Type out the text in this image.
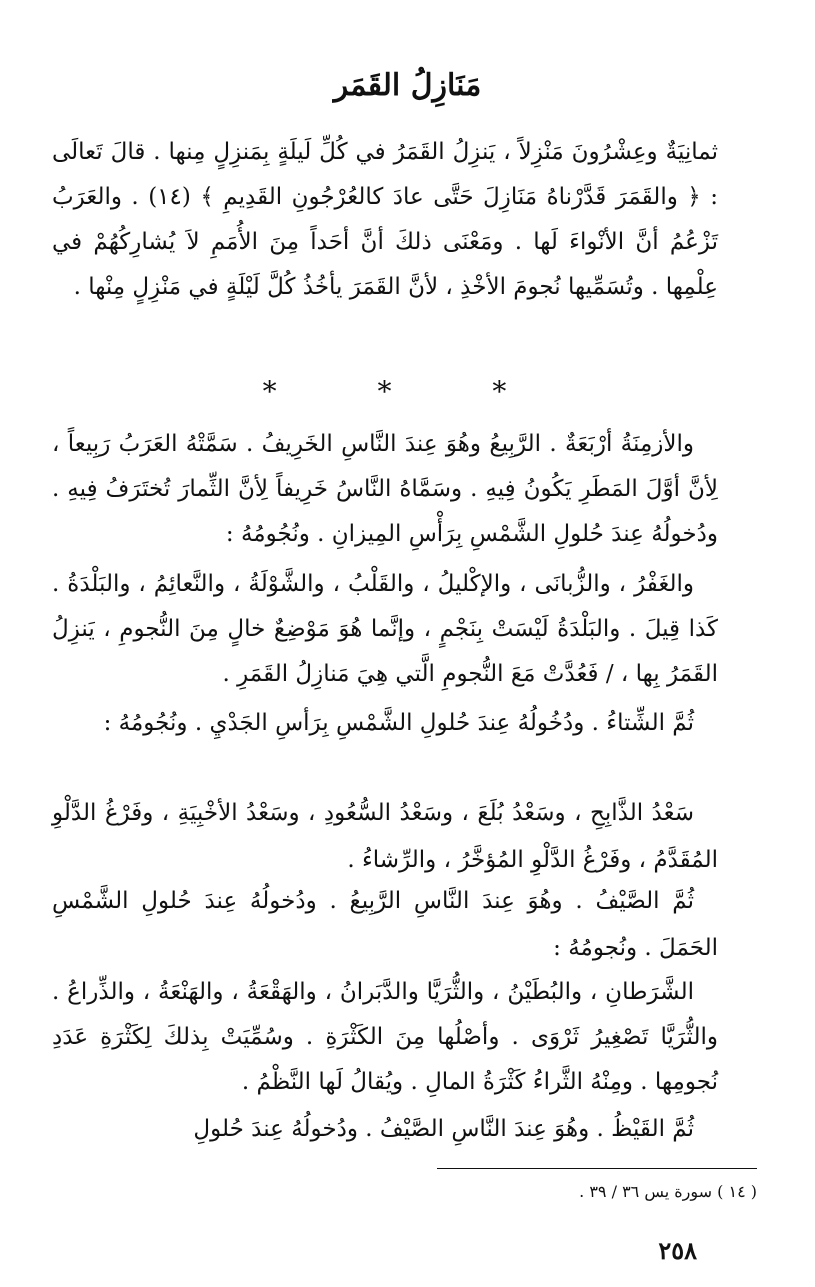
مَنَازِلُ القَمَر

ثمانِيَةٌ وعِشْرُونَ مَنْزِلاً ، يَنزِلُ القَمَرُ في كُلِّ لَيلَةٍ بِمَنزِلٍ مِنها . قالَ تَعالَى : ﴿ والقَمَرَ قَدَّرْناهُ مَنَازِلَ حَتَّى عادَ كالعُرْجُونِ القَدِيمِ ﴾ (١٤) . والعَرَبُ تَزْعُمُ أنَّ الأنْواءَ لَها . ومَعْنَى ذلكَ أنَّ أحَداً مِنَ الأُمَمِ لاَ يُشارِكُهُمْ في عِلْمِها . وتُسَمِّيها نُجومَ الأخْذِ ، لأنَّ القَمَرَ يأخُذُ كُلَّ لَيْلَةٍ في مَنْزِلٍ مِنْها .

* * *

والأزمِنَةُ أرْبَعَةٌ . الرَّبِيعُ وهُوَ عِندَ النَّاسِ الخَرِيفُ . سَمَّتْهُ العَرَبُ رَبِيعاً ، لِأنَّ أوَّلَ المَطَرِ يَكُونُ فِيهِ . وسَمَّاهُ النَّاسُ خَرِيفاً لِأنَّ الثِّمارَ تُختَرَفُ فِيهِ . ودُخولُهُ عِندَ حُلولِ الشَّمْسِ بِرَأْسِ المِيزانِ . ونُجُومُهُ :

والغَفْرُ ، والزُّبانَى ، والإكْليلُ ، والقَلْبُ ، والشَّوْلَةُ ، والنَّعائِمُ ، والبَلْدَةُ . كَذا قِيلَ . والبَلْدَةُ لَيْسَتْ بِنَجْمٍ ، وإنَّما هُوَ مَوْضِعٌ خالٍ مِنَ النُّجومِ ، يَنزِلُ القَمَرُ بِها ، / فَعُدَّتْ مَعَ النُّجومِ الَّتي هِيَ مَنازِلُ القَمَرِ .

ثُمَّ الشِّتاءُ . ودُخُولُهُ عِندَ حُلولِ الشَّمْسِ بِرَأسِ الجَدْيِ . ونُجُومُهُ :

سَعْدُ الذَّابِحِ ، وسَعْدُ بُلَعَ ، وسَعْدُ السُّعُودِ ، وسَعْدُ الأخْبِيَةِ ، وفَرْغُ الدَّلْوِ المُقَدَّمُ ، وفَرْغُ الدَّلْوِ المُؤخَّرُ ، والرِّشاءُ .

ثُمَّ الصَّيْفُ . وهُوَ عِندَ النَّاسِ الرَّبِيعُ . ودُخولُهُ عِندَ حُلولِ الشَّمْسِ الحَمَلَ . ونُجومُهُ :

الشَّرَطانِ ، والبُطَيْنُ ، والثُّرَيَّا والدَّبَرانُ ، والهَقْعَةُ ، والهَنْعَةُ ، والذِّراعُ . والثُّرَيَّا تَصْغِيرُ ثَرْوَى . وأصْلُها مِنَ الكَثْرَةِ . وسُمِّيَتْ بِذلكَ لِكَثْرَةِ عَدَدِ نُجومِها . ومِنْهُ الثَّراءُ كَثْرَةُ المالِ . ويُقالُ لَها النَّظْمُ .

ثُمَّ القَيْظُ . وهُوَ عِندَ النَّاسِ الصَّيْفُ . ودُخولُهُ عِندَ حُلولِ

( ١٤ ) سورة يس ٣٦ / ٣٩ .
٢٥٨
